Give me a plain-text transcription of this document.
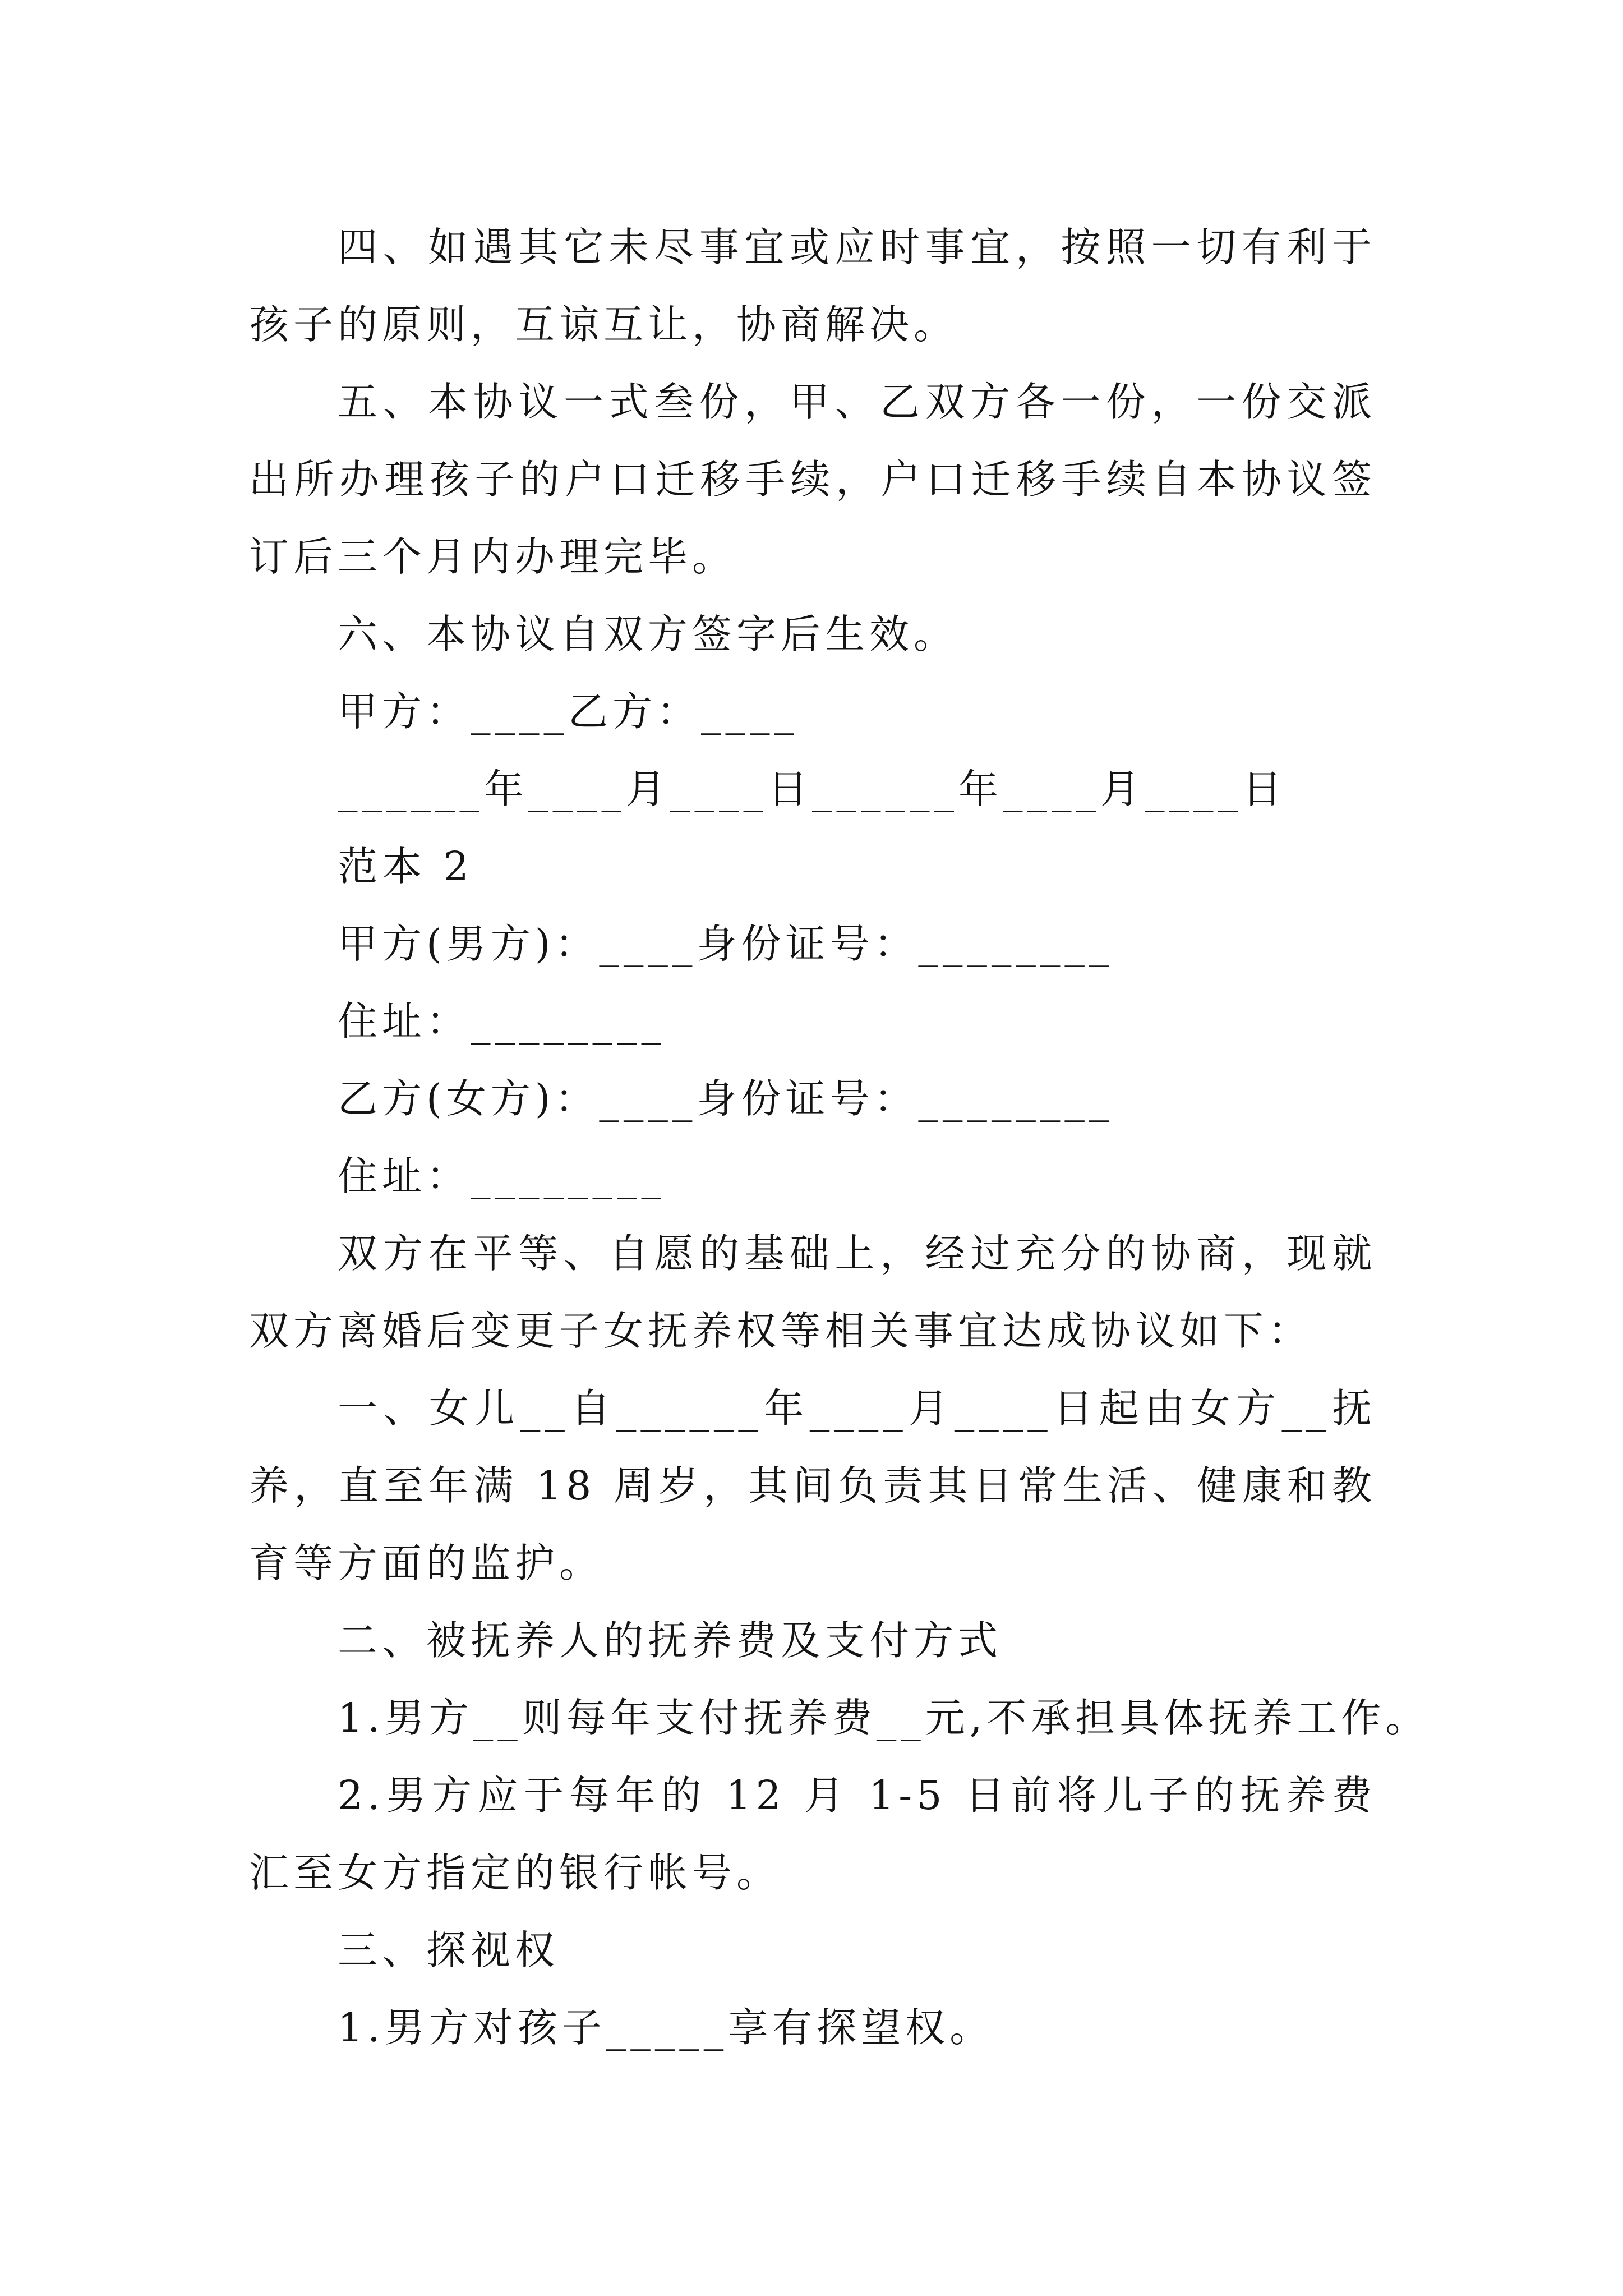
四、如遇其它未尽事宜或应时事宜，按照一切有利于孩子的原则，互谅互让，协商解决。

五、本协议一式叁份，甲、乙双方各一份，一份交派出所办理孩子的户口迁移手续，户口迁移手续自本协议签订后三个月内办理完毕。

六、本协议自双方签字后生效。

甲方：____乙方：____

______年____月____日______年____月____日

范本 2

甲方(男方)：____身份证号：________

住址：________

乙方(女方)：____身份证号：________

住址：________

双方在平等、自愿的基础上，经过充分的协商，现就双方离婚后变更子女抚养权等相关事宜达成协议如下：

一、女儿__自______年____月____日起由女方__抚养，直至年满 18 周岁，其间负责其日常生活、健康和教育等方面的监护。

二、被抚养人的抚养费及支付方式

1.男方__则每年支付抚养费__元,不承担具体抚养工作。

2.男方应于每年的 12 月 1-5 日前将儿子的抚养费汇至女方指定的银行帐号。

三、探视权

1.男方对孩子_____享有探望权。
